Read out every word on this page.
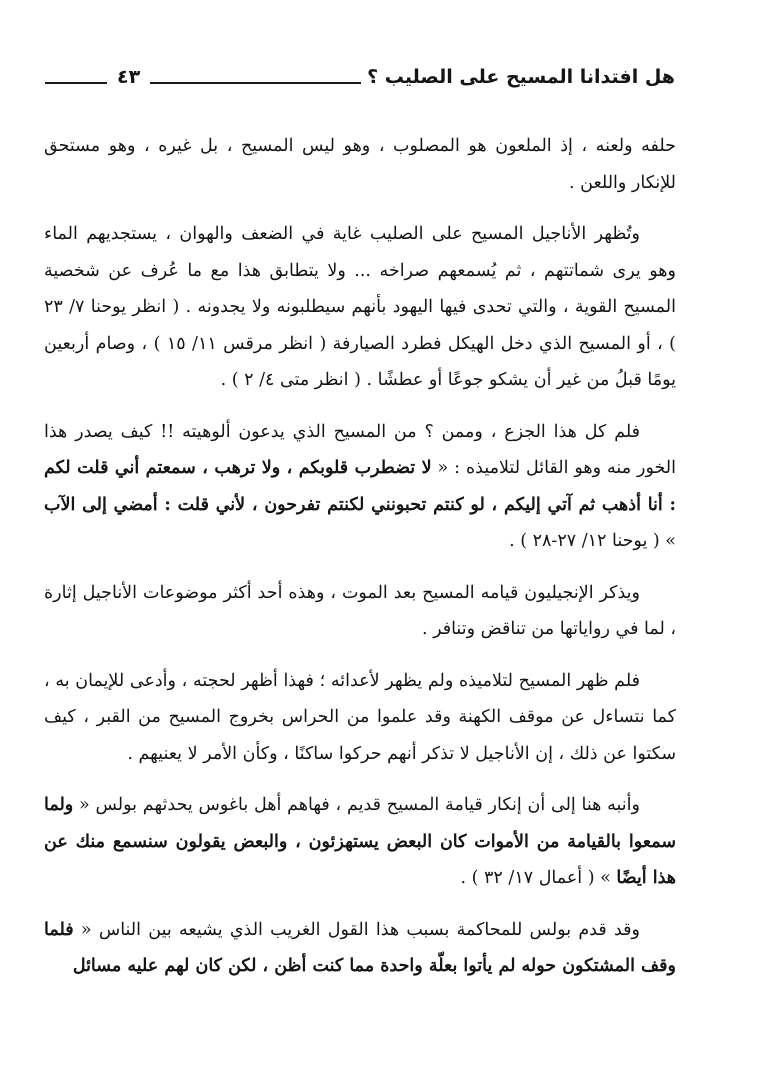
هل افتدانا المسيح على الصليب ؟
٤٣

حلفه ولعنه ، إذ الملعون هو المصلوب ، وهو ليس المسيح ، بل غيره ، وهو مستحق للإنكار واللعن .

وتُظهر الأناجيل المسيح على الصليب غاية في الضعف والهوان ، يستجديهم الماء وهو يرى شماتتهم ، ثم يُسمعهم صراخه ... ولا يتطابق هذا مع ما عُرف عن شخصية المسيح القوية ، والتي تحدى فيها اليهود بأنهم سيطلبونه ولا يجدونه . ( انظر يوحنا ٧/ ٢٣ ) ، أو المسيح الذي دخل الهيكل فطرد الصيارفة ( انظر مرقس ١١/ ١٥ ) ، وصام أربعين يومًا قبلُ من غير أن يشكو جوعًا أو عطشًا . ( انظر متى ٤/ ٢ ) .

فلم كل هذا الجزع ، وممن ؟ من المسيح الذي يدعون ألوهيته !! كيف يصدر هذا الخور منه وهو القائل لتلاميذه : « لا تضطرب قلوبكم ، ولا ترهب ، سمعتم أني قلت لكم : أنا أذهب ثم آتي إليكم ، لو كنتم تحبونني لكنتم تفرحون ، لأني قلت : أمضي إلى الآب » ( يوحنا ١٢/ ٢٧-٢٨ ) .

ويذكر الإنجيليون قيامه المسيح بعد الموت ، وهذه أحد أكثر موضوعات الأناجيل إثارة ، لما في رواياتها من تناقض وتنافر .

فلم ظهر المسيح لتلاميذه ولم يظهر لأعدائه ؛ فهذا أظهر لحجته ، وأدعى للإيمان به ، كما نتساءل عن موقف الكهنة وقد علموا من الحراس بخروج المسيح من القبر ، كيف سكتوا عن ذلك ، إن الأناجيل لا تذكر أنهم حركوا ساكنًا ، وكأن الأمر لا يعنيهم .

وأنبه هنا إلى أن إنكار قيامة المسيح قديم ، فهاهم أهل باغوس يحدثهم بولس « ولما سمعوا بالقيامة من الأموات كان البعض يستهزئون ، والبعض يقولون سنسمع منك عن هذا أيضًا » ( أعمال ١٧/ ٣٢ ) .

وقد قدم بولس للمحاكمة بسبب هذا القول الغريب الذي يشيعه بين الناس « فلما وقف المشتكون حوله لم يأتوا بعلّة واحدة مما كنت أظن ، لكن كان لهم عليه مسائل
